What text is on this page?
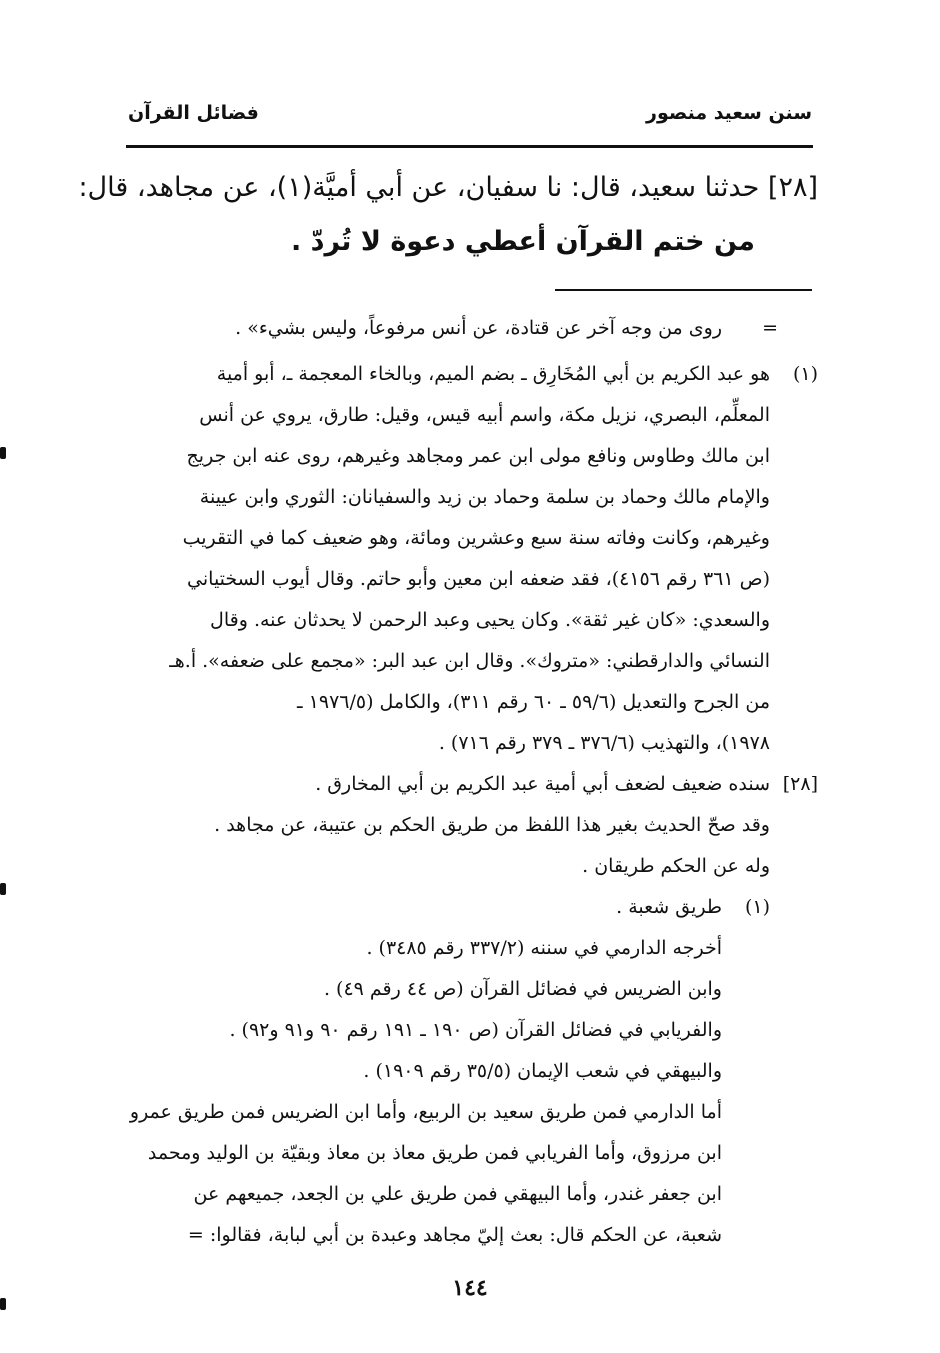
سنن سعيد منصور
فضائل القرآن
[٢٨] حدثنا سعيد، قال: نا سفيان، عن أبي أميَّة(١)، عن مجاهد، قال:
من ختم القرآن أعطي دعوة لا تُردّ .
=
روى من وجه آخر عن قتادة، عن أنس مرفوعاً، وليس بشيء» .
(١)
هو عبد الكريم بن أبي المُخَارِق ـ بضم الميم، وبالخاء المعجمة ـ، أبو أمية
المعلِّم، البصري، نزيل مكة، واسم أبيه قيس، وقيل: طارق، يروي عن أنس
ابن مالك وطاوس ونافع مولى ابن عمر ومجاهد وغيرهم، روى عنه ابن جريج
والإمام مالك وحماد بن سلمة وحماد بن زيد والسفيانان: الثوري وابن عيينة
وغيرهم، وكانت وفاته سنة سبع وعشرين ومائة، وهو ضعيف كما في التقريب
(ص ٣٦١ رقم ٤١٥٦)، فقد ضعفه ابن معين وأبو حاتم. وقال أيوب السختياني
والسعدي: «كان غير ثقة». وكان يحيى وعبد الرحمن لا يحدثان عنه. وقال
النسائي والدارقطني: «متروك». وقال ابن عبد البر: «مجمع على ضعفه». أ.هـ
من الجرح والتعديل (٥٩/٦ ـ ٦٠ رقم ٣١١)، والكامل (١٩٧٦/٥ ـ
١٩٧٨)، والتهذيب (٣٧٦/٦ ـ ٣٧٩ رقم ٧١٦) .
[٢٨]
سنده ضعيف لضعف أبي أمية عبد الكريم بن أبي المخارق .
وقد صحّ الحديث بغير هذا اللفظ من طريق الحكم بن عتيبة، عن مجاهد .
وله عن الحكم طريقان .
(١)
طريق شعبة .
أخرجه الدارمي في سننه (٣٣٧/٢ رقم ٣٤٨٥) .
وابن الضريس في فضائل القرآن (ص ٤٤ رقم ٤٩) .
والفريابي في فضائل القرآن (ص ١٩٠ ـ ١٩١ رقم ٩٠ و٩١ و٩٢) .
والبيهقي في شعب الإيمان (٣٥/٥ رقم ١٩٠٩) .
أما الدارمي فمن طريق سعيد بن الربيع، وأما ابن الضريس فمن طريق عمرو
ابن مرزوق، وأما الفريابي فمن طريق معاذ بن معاذ وبقيّة بن الوليد ومحمد
ابن جعفر غندر، وأما البيهقي فمن طريق علي بن الجعد، جميعهم عن
شعبة، عن الحكم قال: بعث إليّ مجاهد وعبدة بن أبي لبابة، فقالوا: =
١٤٤
